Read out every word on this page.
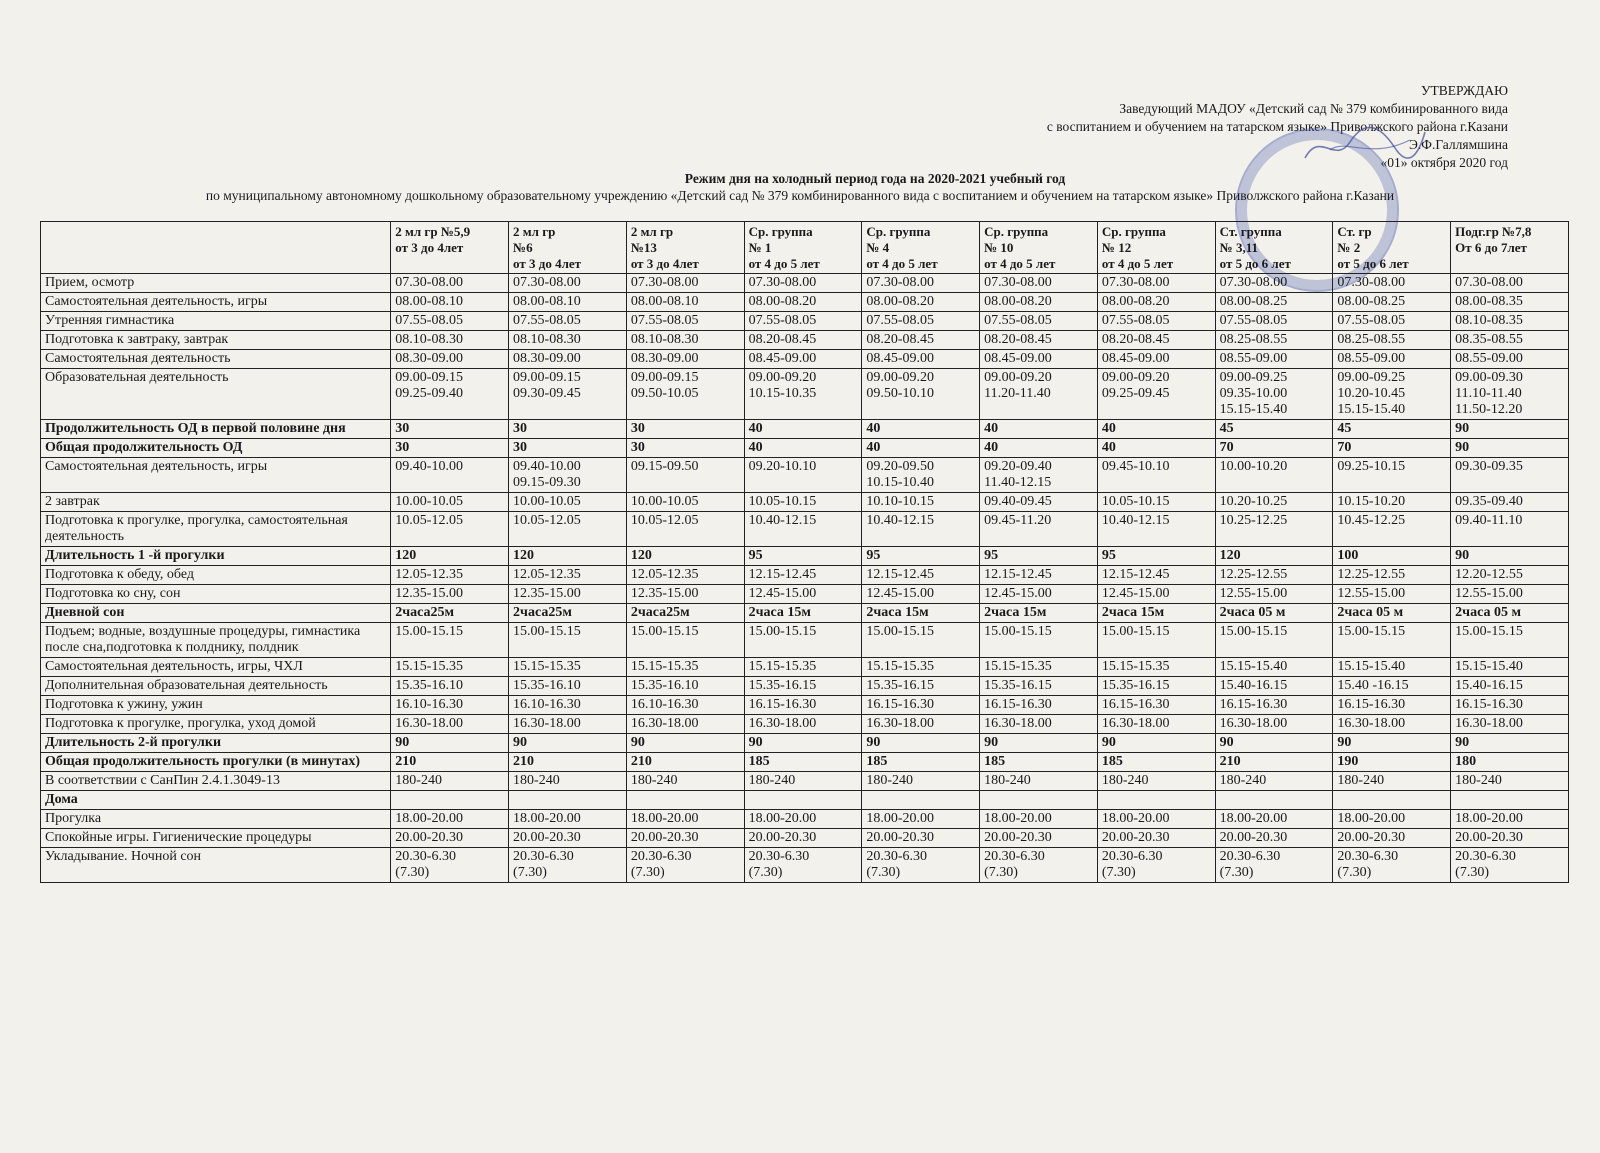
УТВЕРЖДАЮ
Заведующий МАДОУ «Детский сад № 379 комбинированного вида
с воспитанием и обучением на татарском языке» Приволжского района г.Казани
Э.Ф.Галлямшина
«01» октября 2020 год
Режим дня на холодный период года на 2020-2021 учебный год
по муниципальному автономному дошкольному образовательному учреждению «Детский сад № 379 комбинированного вида с воспитанием и обучением на татарском языке» Приволжского района г.Казани

	2 мл гр №5,9
от 3 до 4лет	2 мл гр
№6
от 3 до 4лет	2 мл гр
№13
от 3 до 4лет	Ср. группа
№ 1
от 4 до 5 лет	Ср. группа
№ 4
от 4 до 5 лет	Ср. группа
№ 10
от 4 до 5 лет	Ср. группа
№ 12
от 4 до 5 лет	Ст. группа
№ 3,11
от 5 до 6 лет	Ст. гр
№ 2
от 5 до 6 лет	Подг.гр №7,8
От 6 до 7лет

Прием, осмотр	07.30-08.00	07.30-08.00	07.30-08.00	07.30-08.00	07.30-08.00	07.30-08.00	07.30-08.00	07.30-08.00	07.30-08.00	07.30-08.00

Самостоятельная деятельность, игры	08.00-08.10	08.00-08.10	08.00-08.10	08.00-08.20	08.00-08.20	08.00-08.20	08.00-08.20	08.00-08.25	08.00-08.25	08.00-08.35

Утренняя гимнастика	07.55-08.05	07.55-08.05	07.55-08.05	07.55-08.05	07.55-08.05	07.55-08.05	07.55-08.05	07.55-08.05	07.55-08.05	08.10-08.35

Подготовка к завтраку, завтрак	08.10-08.30	08.10-08.30	08.10-08.30	08.20-08.45	08.20-08.45	08.20-08.45	08.20-08.45	08.25-08.55	08.25-08.55	08.35-08.55

Самостоятельная деятельность	08.30-09.00	08.30-09.00	08.30-09.00	08.45-09.00	08.45-09.00	08.45-09.00	08.45-09.00	08.55-09.00	08.55-09.00	08.55-09.00

Образовательная деятельность	09.00-09.15
09.25-09.40	09.00-09.15
09.30-09.45	09.00-09.15
09.50-10.05	09.00-09.20
10.15-10.35	09.00-09.20
09.50-10.10	09.00-09.20
11.20-11.40	09.00-09.20
09.25-09.45	09.00-09.25
09.35-10.00
15.15-15.40	09.00-09.25
10.20-10.45
15.15-15.40	09.00-09.30
11.10-11.40
11.50-12.20

Продолжительность ОД в первой половине дня	30	30	30	40	40	40	40	45	45	90

Общая продолжительность ОД	30	30	30	40	40	40	40	70	70	90

Самостоятельная деятельность, игры	09.40-10.00	09.40-10.00
09.15-09.30	09.15-09.50	09.20-10.10	09.20-09.50
10.15-10.40	09.20-09.40
11.40-12.15	09.45-10.10	10.00-10.20	09.25-10.15	09.30-09.35

2 завтрак	10.00-10.05	10.00-10.05	10.00-10.05	10.05-10.15	10.10-10.15	09.40-09.45	10.05-10.15	10.20-10.25	10.15-10.20	09.35-09.40

Подготовка к прогулке, прогулка, самостоятельная деятельность	10.05-12.05	10.05-12.05	10.05-12.05	10.40-12.15	10.40-12.15	09.45-11.20	10.40-12.15	10.25-12.25	10.45-12.25	09.40-11.10

Длительность 1 -й прогулки	120	120	120	95	95	95	95	120	100	90

Подготовка к обеду, обед	12.05-12.35	12.05-12.35	12.05-12.35	12.15-12.45	12.15-12.45	12.15-12.45	12.15-12.45	12.25-12.55	12.25-12.55	12.20-12.55

Подготовка ко сну, сон	12.35-15.00	12.35-15.00	12.35-15.00	12.45-15.00	12.45-15.00	12.45-15.00	12.45-15.00	12.55-15.00	12.55-15.00	12.55-15.00

Дневной сон	2часа25м	2часа25м	2часа25м	2часа 15м	2часа 15м	2часа 15м	2часа 15м	2часа 05 м	2часа 05 м	2часа 05 м

Подъем; водные, воздушные процедуры, гимнастика после сна,подготовка к полднику, полдник	15.00-15.15	15.00-15.15	15.00-15.15	15.00-15.15	15.00-15.15	15.00-15.15	15.00-15.15	15.00-15.15	15.00-15.15	15.00-15.15

Самостоятельная деятельность, игры, ЧХЛ	15.15-15.35	15.15-15.35	15.15-15.35	15.15-15.35	15.15-15.35	15.15-15.35	15.15-15.35	15.15-15.40	15.15-15.40	15.15-15.40

Дополнительная образовательная деятельность	15.35-16.10	15.35-16.10	15.35-16.10	15.35-16.15	15.35-16.15	15.35-16.15	15.35-16.15	15.40-16.15	15.40 -16.15	15.40-16.15

Подготовка к ужину, ужин	16.10-16.30	16.10-16.30	16.10-16.30	16.15-16.30	16.15-16.30	16.15-16.30	16.15-16.30	16.15-16.30	16.15-16.30	16.15-16.30

Подготовка к прогулке, прогулка, уход домой	16.30-18.00	16.30-18.00	16.30-18.00	16.30-18.00	16.30-18.00	16.30-18.00	16.30-18.00	16.30-18.00	16.30-18.00	16.30-18.00

Длительность 2-й прогулки	90	90	90	90	90	90	90	90	90	90

Общая продолжительность прогулки (в минутах)	210	210	210	185	185	185	185	210	190	180

В соответствии с СанПин 2.4.1.3049-13	180-240	180-240	180-240	180-240	180-240	180-240	180-240	180-240	180-240	180-240

Дома	

Прогулка	18.00-20.00	18.00-20.00	18.00-20.00	18.00-20.00	18.00-20.00	18.00-20.00	18.00-20.00	18.00-20.00	18.00-20.00	18.00-20.00

Спокойные игры. Гигиенические процедуры	20.00-20.30	20.00-20.30	20.00-20.30	20.00-20.30	20.00-20.30	20.00-20.30	20.00-20.30	20.00-20.30	20.00-20.30	20.00-20.30

Укладывание. Ночной сон	20.30-6.30
(7.30)	20.30-6.30
(7.30)	20.30-6.30
(7.30)	20.30-6.30
(7.30)	20.30-6.30
(7.30)	20.30-6.30
(7.30)	20.30-6.30
(7.30)	20.30-6.30
(7.30)	20.30-6.30
(7.30)	20.30-6.30
(7.30)
